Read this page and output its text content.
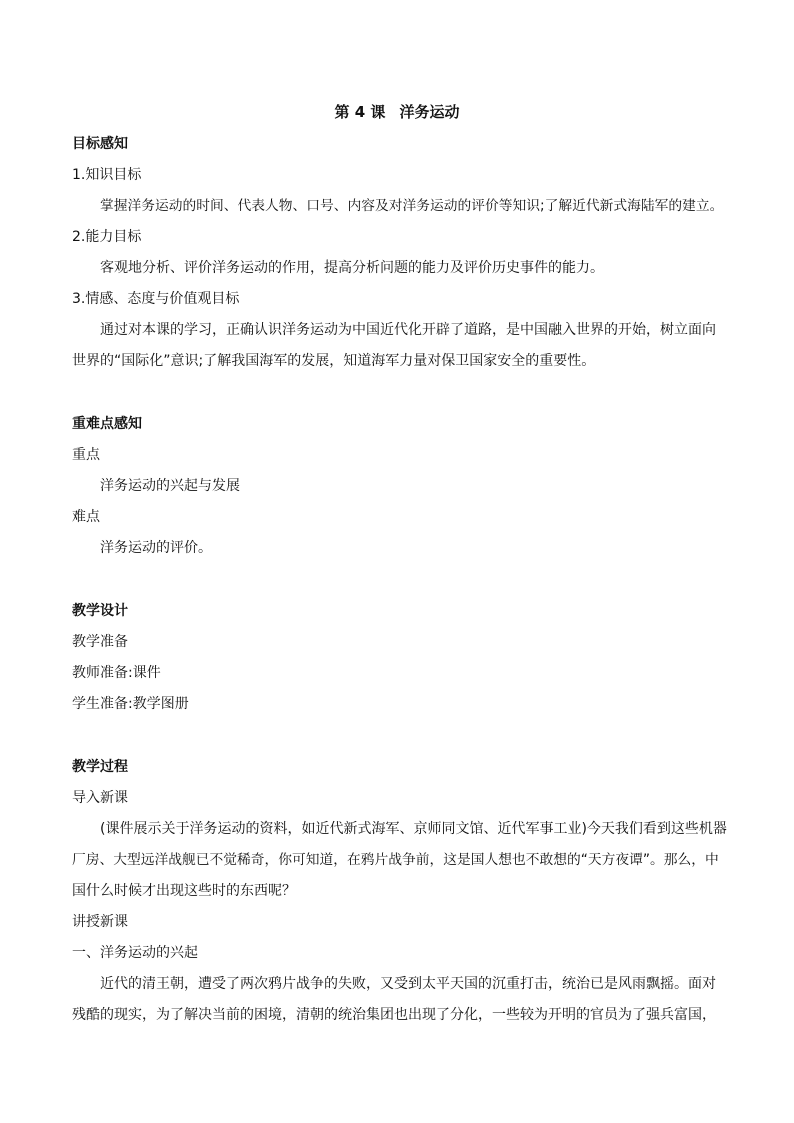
第 4 课 洋务运动
目标感知
1.知识目标
掌握洋务运动的时间、代表人物、口号、内容及对洋务运动的评价等知识;了解近代新式海陆军的建立。
2.能力目标
客观地分析、评价洋务运动的作用，提高分析问题的能力及评价历史事件的能力。
3.情感、态度与价值观目标
通过对本课的学习，正确认识洋务运动为中国近代化开辟了道路，是中国融入世界的开始，树立面向
世界的“国际化”意识;了解我国海军的发展，知道海军力量对保卫国家安全的重要性。
重难点感知
重点
洋务运动的兴起与发展
难点
洋务运动的评价。
教学设计
教学准备
教师准备:课件
学生准备:教学图册
教学过程
导入新课
(课件展示关于洋务运动的资料，如近代新式海军、京师同文馆、近代军事工业)今天我们看到这些机器
厂房、大型远洋战舰已不觉稀奇，你可知道，在鸦片战争前，这是国人想也不敢想的“天方夜谭”。那么，中
国什么时候才出现这些时的东西呢？
讲授新课
一、洋务运动的兴起
近代的清王朝，遭受了两次鸦片战争的失败，又受到太平天国的沉重打击，统治已是风雨飘摇。面对
残酷的现实，为了解决当前的困境，清朝的统治集团也出现了分化，一些较为开明的官员为了强兵富国，
